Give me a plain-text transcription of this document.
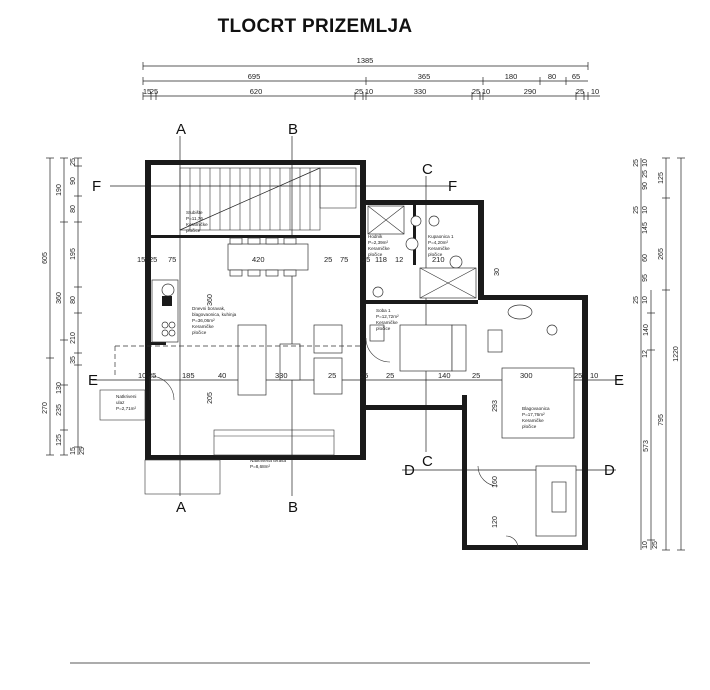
TLOCRT PRIZEMLJA
1385
695	365	180	80 65
15
25	620	25 10	330	25 10	290	25 10
605
270
190
360
130
235
125
25
90
80
195
80
210
35
15 25
1220
125
265
795
140
573
25 10
90
25
25 10
145
60
95
25 10
12
10 25
A
A
B
B
C
C
D	D
E	E
F	F
15 25 75	420	25 75 25 118 12	210
25
10	185	40	330	25	25 25	140	25	300	25 10
205
360
293
160
120
30
Stubište
P=11,76
Keramičke
pločice
Dnevni boravak,
blagovaonica, kuhinja
P=36,06m²
Keramičke
pločice
Hodnik
P=2,39m²
Keramičke
pločice
Kupaonica 1
P=4,20m²
Keramičke
pločice
Soba 1
P=12,72m²
Keramičke
pločice
Blagovaonica
P=17,76m²
Keramičke
pločice
Natkriveni
ulaz
P=2,71m²
Natkrivena terasa
P=8,68m²
